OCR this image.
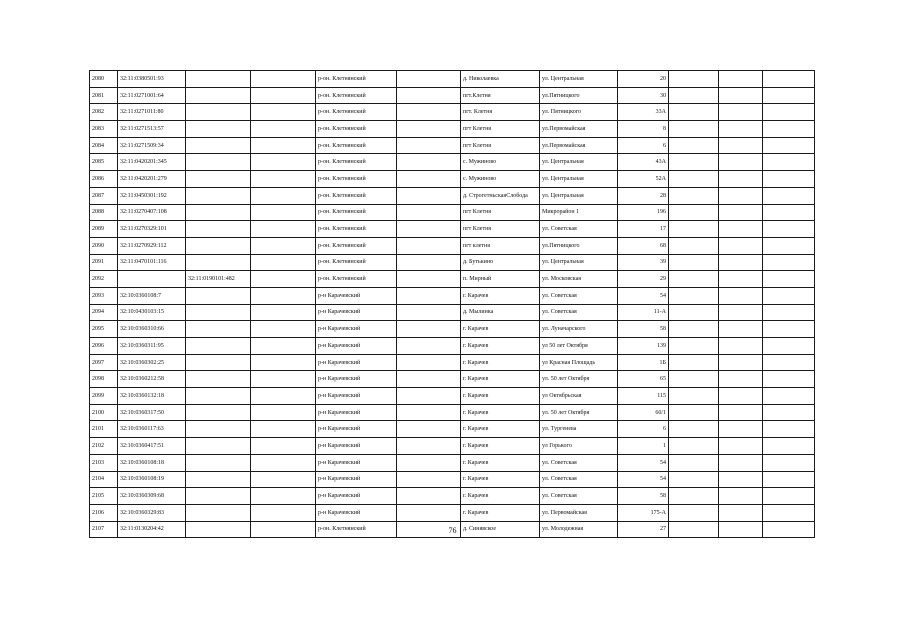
2080	32:11:0380501:93			р-он. Клетнянский		д. Николаевка	ул. Центральная	20			
2081	32:11:0271001:64			р-он. Клетнянский		пгт.Клетня	ул.Пятницкого	30			
2082	32:11:0271011:80			р-он. Клетнянский		пгт. Клетня	ул. Пятницкого	33А			
2083	32:11:0271513:57			р-он. Клетнянский		пгт Клетня	ул.Первомайская	8			
2084	32:11:0271509:34			р-он. Клетнянский		пгт Клетня	ул.Первомайская	6			
2085	32:11:0420201:345			р-он. Клетнянский		с. Мужиново	ул. Центральная	43А			
2086	32:11:0420201:279			р-он. Клетнянский		с. Мужиново	ул. Центральная	52А			
2087	32:11:0450301:192			р-он. Клетнянский		д. СтрогетньскаяСлобода	ул. Центральная	28			
2088	32:11:0270407:108			р-он. Клетнянский		пгт Клетня	Микрорайон 1	196			
2089	32:11:0270329:101			р-он. Клетнянский		пгт Клетня	ул. Советская	17			
2090	32:11:0270929:112			р-он. Клетнянский		пгт клетня	ул.Пятницкого	68			
2091	32:11:0470101:116			р-он. Клетнянский		д. Бутькино	ул. Центральная	39			
2092		32:11:0190101:482		р-он. Клетнянский		п. Мирный	ул. Московская	29			
2093	32:10:0360108:7			р-н Карачевский		г. Карачев	ул. Советская	54			
2094	32:10:0430103:15			р-н Карачевский		д. Мылинка	ул. Советская	11-А			
2095	32:10:0360310:66			р-н Карачевский		г. Карачев	ул. Луначарского	58			
2096	32:10:0360311:95			р-н Карачевский		г. Карачев	ул 50 лет Октября	139			
2097	32:10:0360302:25			р-н Карачевский		г. Карачев	ул Красная Площадь	1Б			
2098	32:10:0360212:58			р-н Карачевский		г. Карачев	ул. 50 лет Октября	65			
2099	32:10:0360132:18			р-н Карачевский		г. Карачев	ул Октябрьская	115			
2100	32:10:0360317:50			р-н Карачевский		г. Карачев	ул. 50 лет Октября	60/1			
2101	32:10:0360117:63			р-н Карачевский		г. Карачев	ул. Тургенева	6			
2102	32:10:0360417:51			р-н Карачевский		г. Карачев	ул Горького	1			
2103	32:10:0360108:18			р-н Карачевский		г. Карачев	ул. Советская	54			
2104	32:10:0360108:19			р-н Карачевский		г. Карачев	ул. Советская	54			
2105	32:10:0360309:68			р-н Карачевский		г. Карачев	ул. Советская	58			
2106	32:10:0360329:83			р-н Карачевский		г. Карачев	ул. Первомайская	175-А			
2107	32:11:0130204:42			р-он. Клетнянский		д. Синявское	ул. Молодежная	27			
76
